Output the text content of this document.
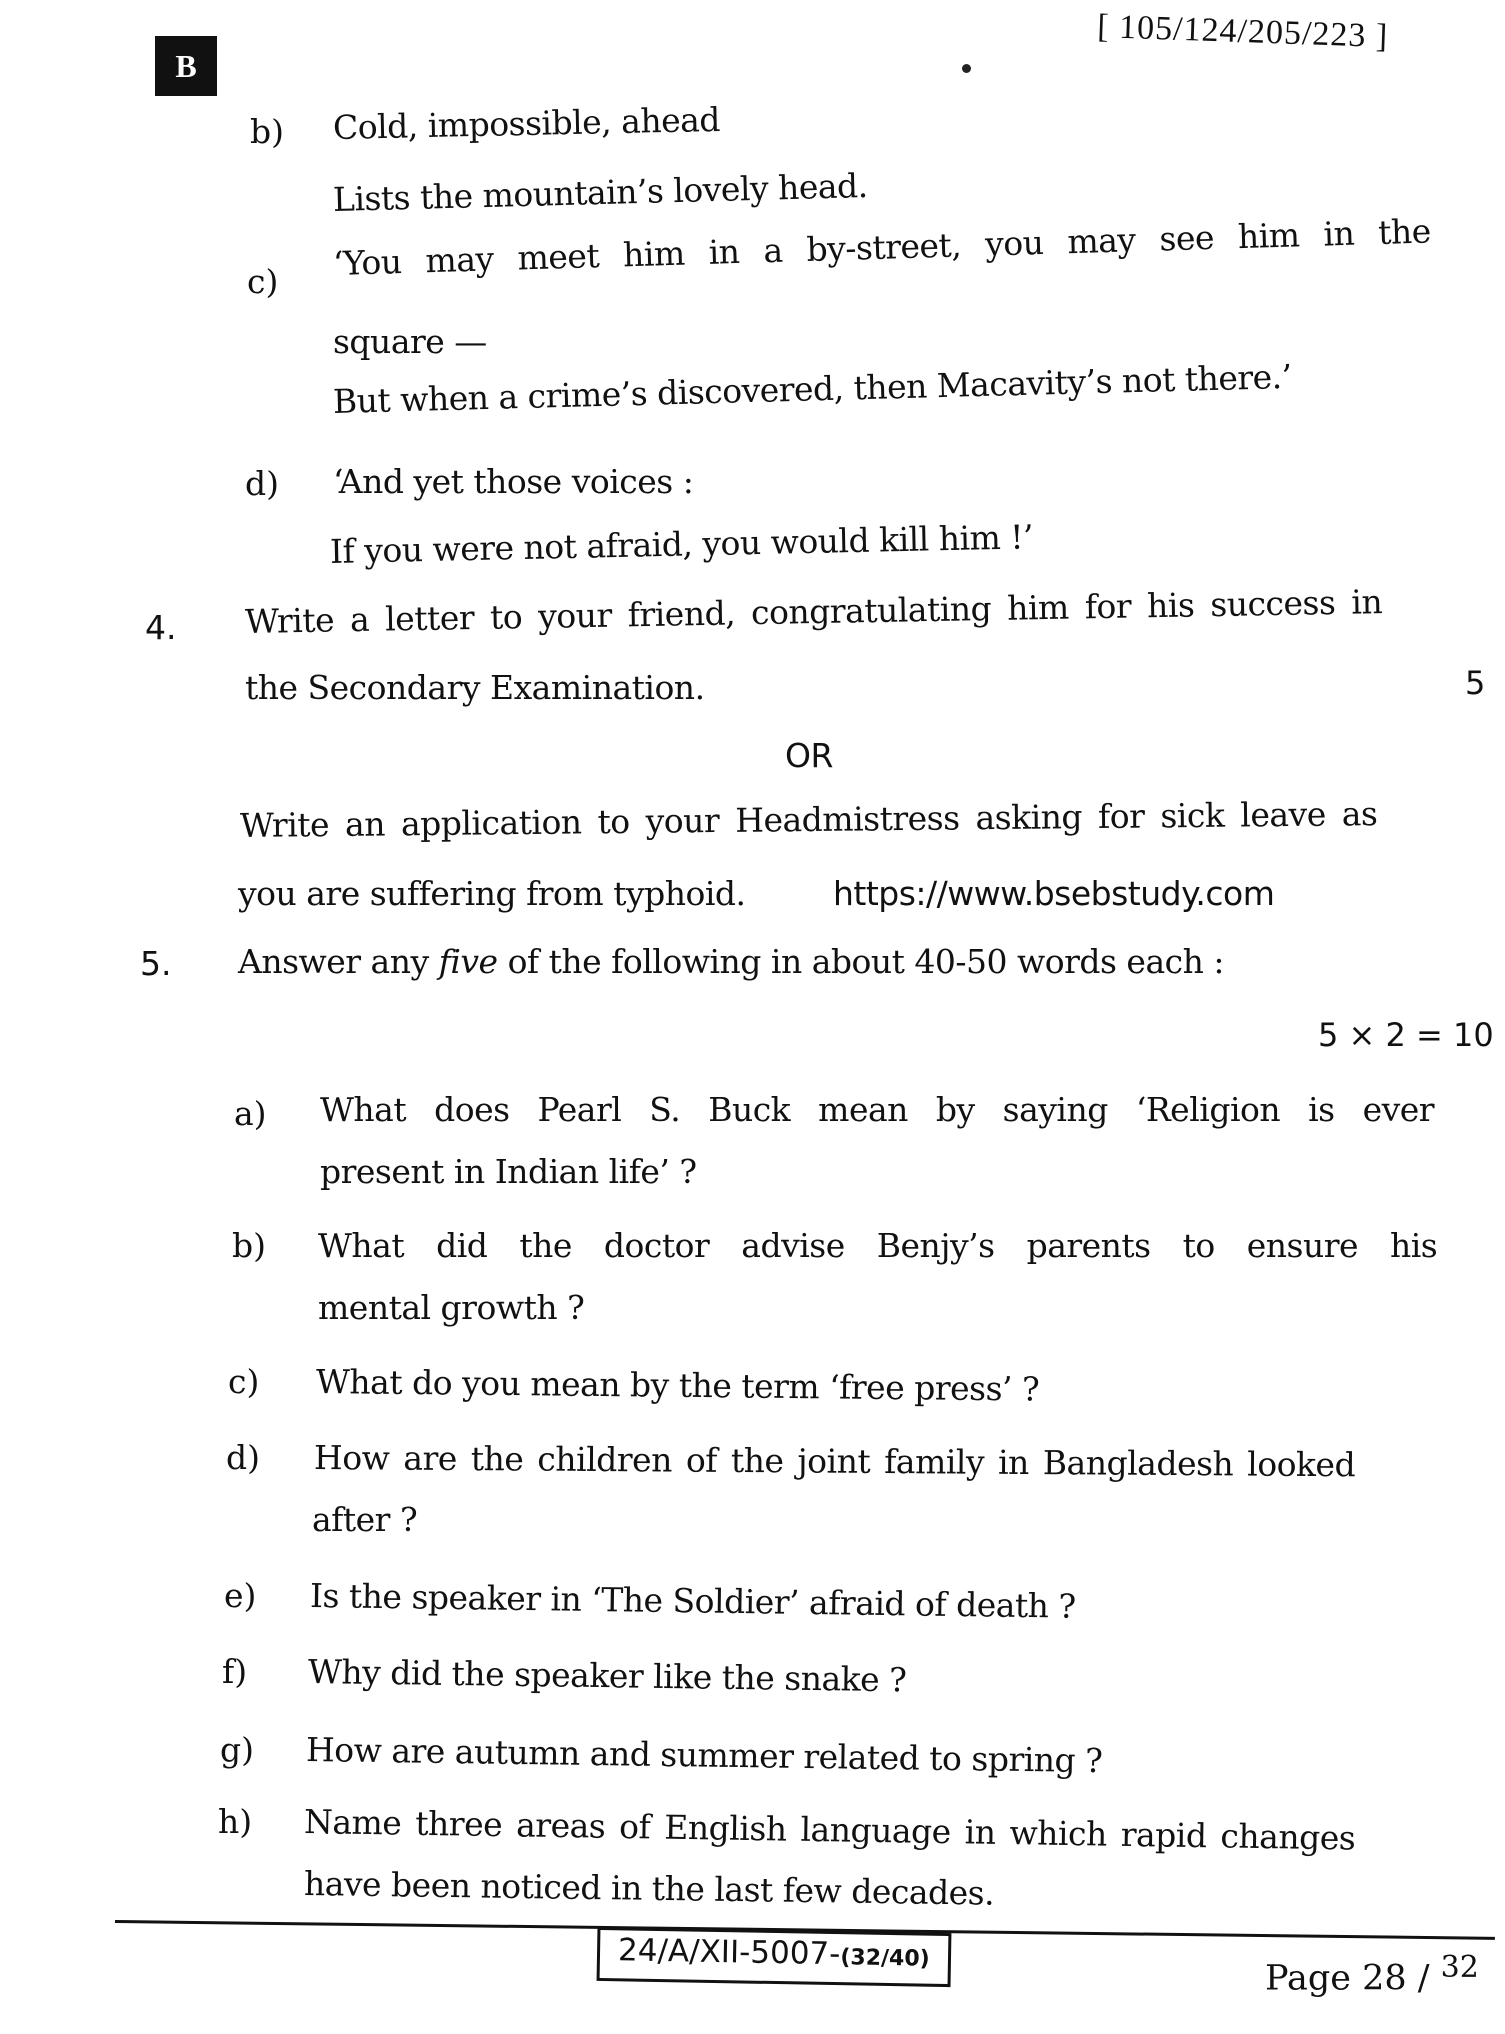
[ 105/124/205/223 ]
B
b) Cold, impossible, ahead
Lists the mountain’s lovely head.
c) ‘You may meet him in a by-street, you may see him in the
square —
But when a crime’s discovered, then Macavity’s not there.’
d) ‘And yet those voices :
If you were not afraid, you would kill him !’
4. Write a letter to your friend, congratulating him for his success in
the Secondary Examination.	5
OR
Write an application to your Headmistress asking for sick leave as
you are suffering from typhoid.	https://www.bsebstudy.com
5. Answer any five of the following in about 40-50 words each :
5 × 2 = 10
a) What does Pearl S. Buck mean by saying ‘Religion is ever
present in Indian life’ ?
b) What did the doctor advise Benjy’s parents to ensure his
mental growth ?
c) What do you mean by the term ‘free press’ ?
d) How are the children of the joint family in Bangladesh looked
after ?
e) Is the speaker in ‘The Soldier’ afraid of death ?
f) Why did the speaker like the snake ?
g) How are autumn and summer related to spring ?
h) Name three areas of English language in which rapid changes
have been noticed in the last few decades.
24/A/XII-5007-(32/40)
Page 28 / $^{32}$
